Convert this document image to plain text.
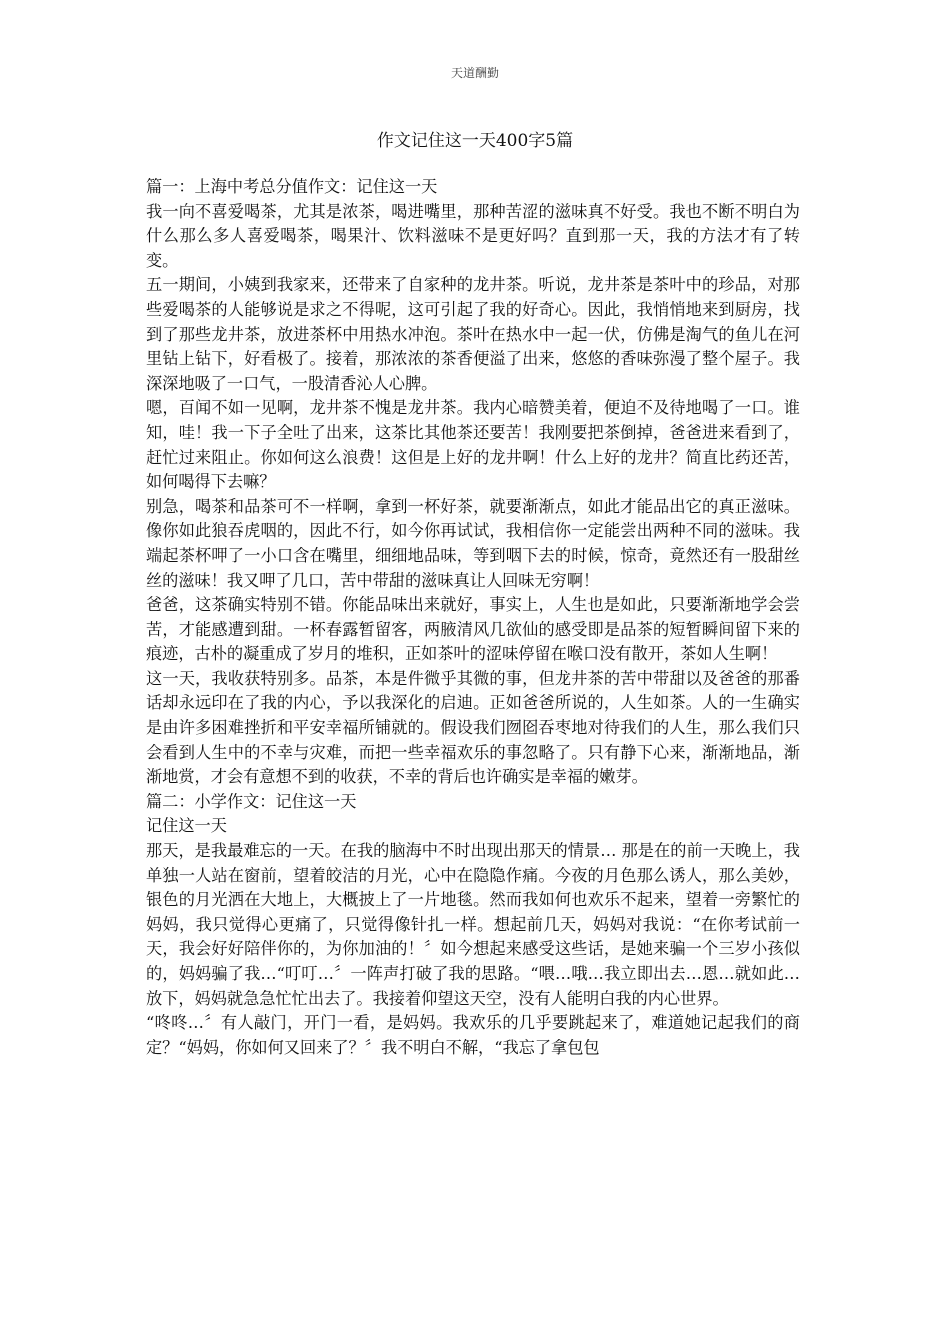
天道酬勤
作文记住这一天400字5篇

篇一：上海中考总分值作文：记住这一天

我一向不喜爱喝茶，尤其是浓茶，喝进嘴里，那种苦涩的滋味真不好受。我也不断不明白为什么那么多人喜爱喝茶，喝果汁、饮料滋味不是更好吗？直到那一天，我的方法才有了转变。

五一期间，小姨到我家来，还带来了自家种的龙井茶。听说，龙井茶是茶叶中的珍品，对那些爱喝茶的人能够说是求之不得呢，这可引起了我的好奇心。因此，我悄悄地来到厨房，找到了那些龙井茶，放进茶杯中用热水冲泡。茶叶在热水中一起一伏，仿佛是淘气的鱼儿在河里钻上钻下，好看极了。接着，那浓浓的茶香便溢了出来，悠悠的香味弥漫了整个屋子。我深深地吸了一口气，一股清香沁人心脾。

嗯，百闻不如一见啊，龙井茶不愧是龙井茶。我内心暗赞美着，便迫不及待地喝了一口。谁知，哇！我一下子全吐了出来，这茶比其他茶还要苦！我刚要把茶倒掉，爸爸进来看到了，赶忙过来阻止。你如何这么浪费！这但是上好的龙井啊！什么上好的龙井？简直比药还苦，如何喝得下去嘛？

别急，喝茶和品茶可不一样啊，拿到一杯好茶，就要渐渐点，如此才能品出它的真正滋味。像你如此狼吞虎咽的，因此不行，如今你再试试，我相信你一定能尝出两种不同的滋味。我端起茶杯呷了一小口含在嘴里，细细地品味，等到咽下去的时候，惊奇，竟然还有一股甜丝丝的滋味！我又呷了几口，苦中带甜的滋味真让人回味无穷啊！

爸爸，这茶确实特别不错。你能品味出来就好，事实上，人生也是如此，只要渐渐地学会尝苦，才能感遭到甜。一杯春露暂留客，两腋清风几欲仙的感受即是品茶的短暂瞬间留下来的痕迹，古朴的凝重成了岁月的堆积，正如茶叶的涩味停留在喉口没有散开，茶如人生啊！

这一天，我收获特别多。品茶，本是件微乎其微的事，但龙井茶的苦中带甜以及爸爸的那番话却永远印在了我的内心，予以我深化的启迪。正如爸爸所说的，人生如茶。人的一生确实是由许多困难挫折和平安幸福所铺就的。假设我们囫囵吞枣地对待我们的人生，那么我们只会看到人生中的不幸与灾难，而把一些幸福欢乐的事忽略了。只有静下心来，渐渐地品，渐渐地赏，才会有意想不到的收获，不幸的背后也许确实是幸福的嫩芽。

篇二：小学作文：记住这一天

记住这一天

那天，是我最难忘的一天。在我的脑海中不时出现出那天的情景… 那是在的前一天晚上，我单独一人站在窗前，望着皎洁的月光，心中在隐隐作痛。今夜的月色那么诱人，那么美妙，银色的月光洒在大地上，大概披上了一片地毯。然而我如何也欢乐不起来，望着一旁繁忙的妈妈，我只觉得心更痛了，只觉得像针扎一样。想起前几天，妈妈对我说：“在你考试前一天，我会好好陪伴你的，为你加油的！〞如今想起来感受这些话，是她来骗一个三岁小孩似的，妈妈骗了我…“叮叮…〞一阵声打破了我的思路。“喂…哦…我立即出去…恩…就如此…放下，妈妈就急急忙忙出去了。我接着仰望这天空，没有人能明白我的内心世界。

“咚咚…〞有人敲门，开门一看，是妈妈。我欢乐的几乎要跳起来了，难道她记起我们的商定？“妈妈，你如何又回来了？〞我不明白不解，“我忘了拿包包
